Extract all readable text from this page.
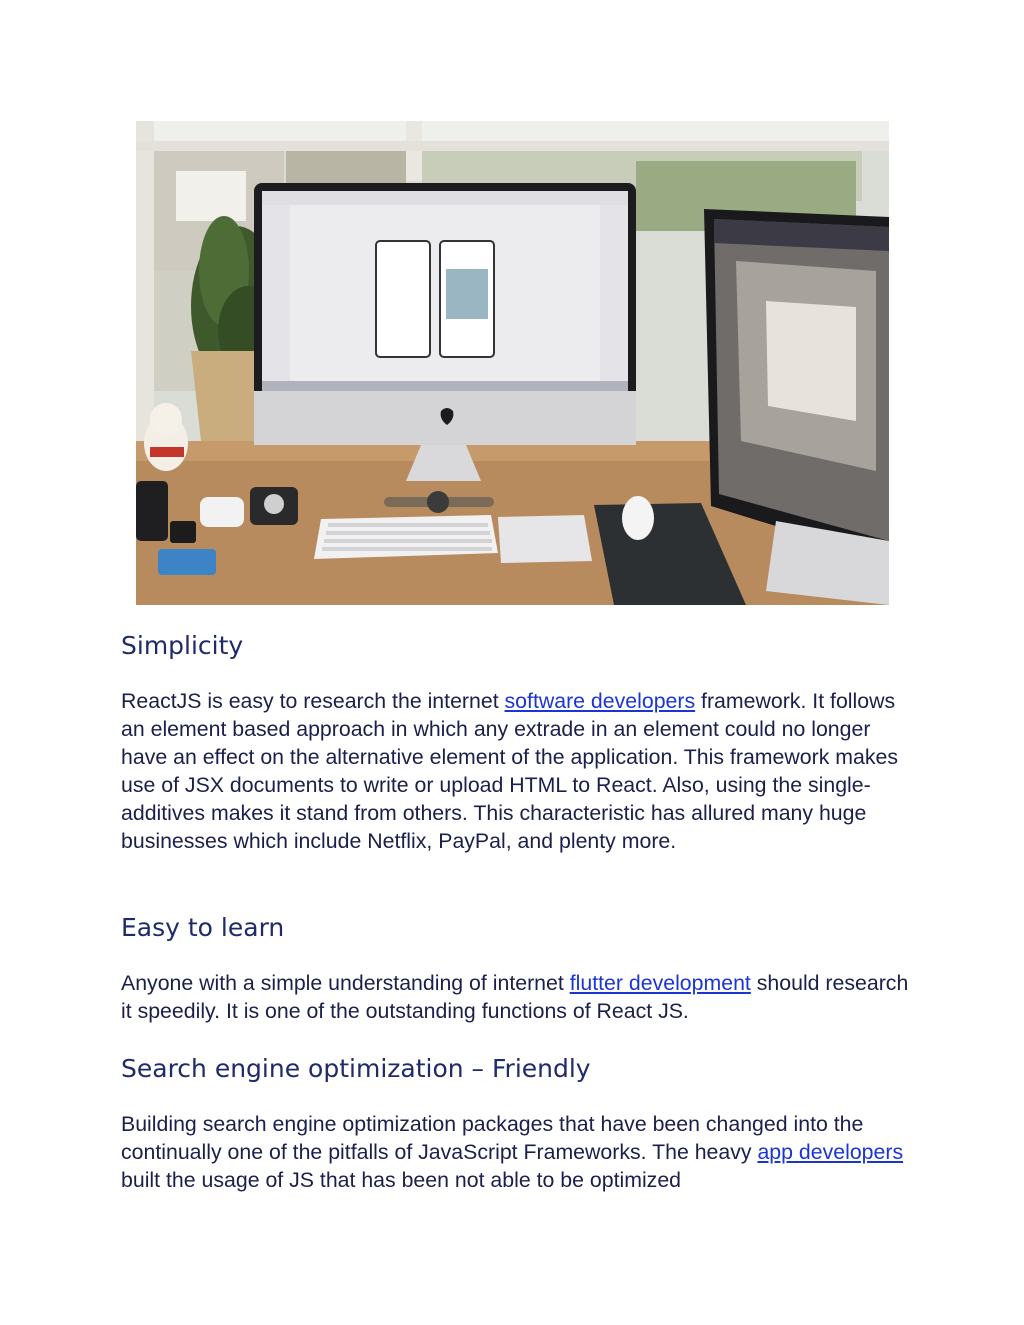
Simplicity

ReactJS is easy to research the internet software developers framework. It follows an element based approach in which any extrade in an element could no longer have an effect on the alternative element of the application. This framework makes use of JSX documents to write or upload HTML to React. Also, using the single-additives makes it stand from others. This characteristic has allured many huge businesses which include Netflix, PayPal, and plenty more.

Easy to learn

Anyone with a simple understanding of internet flutter development should research it speedily. It is one of the outstanding functions of React JS.

Search engine optimization – Friendly

Building search engine optimization packages that have been changed into the continually one of the pitfalls of JavaScript Frameworks. The heavy app developers built the usage of JS that has been not able to be optimized
